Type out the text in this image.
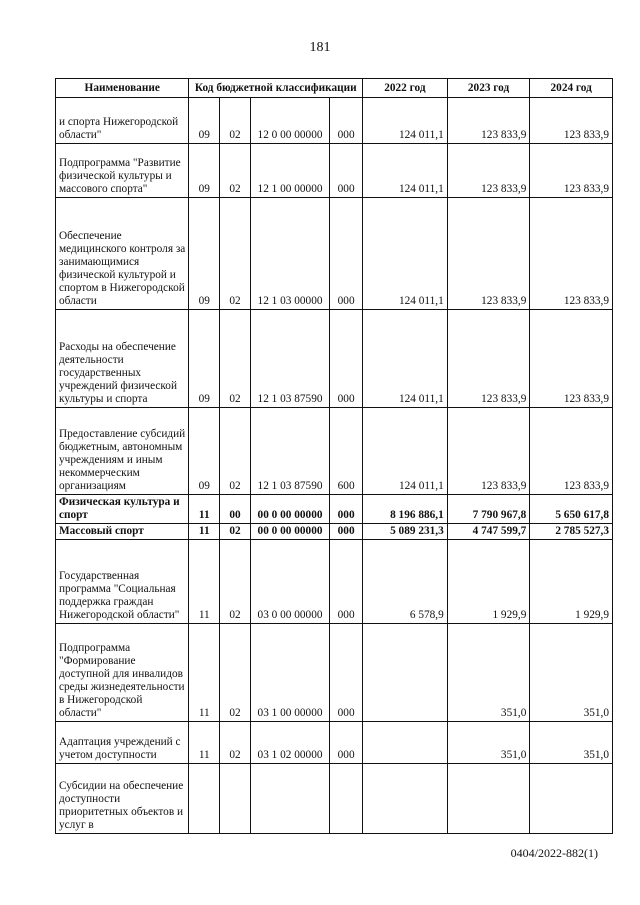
181
Наименование	Код бюджетной классификации				2022 год	2023 год	2024 год
и спорта Нижегородской области"	09	02	12 0 00 00000	000	124 011,1	123 833,9	123 833,9
Подпрограмма "Развитие физической культуры и массового спорта"	09	02	12 1 00 00000	000	124 011,1	123 833,9	123 833,9
Обеспечение медицинского контроля за занимающимися физической культурой и спортом в Нижегородской области	09	02	12 1 03 00000	000	124 011,1	123 833,9	123 833,9
Расходы на обеспечение деятельности государственных учреждений физической культуры и спорта	09	02	12 1 03 87590	000	124 011,1	123 833,9	123 833,9
Предоставление субсидий бюджетным, автономным учреждениям и иным некоммерческим организациям	09	02	12 1 03 87590	600	124 011,1	123 833,9	123 833,9
Физическая культура и спорт	11	00	00 0 00 00000	000	8 196 886,1	7 790 967,8	5 650 617,8
Массовый спорт	11	02	00 0 00 00000	000	5 089 231,3	4 747 599,7	2 785 527,3
Государственная программа "Социальная поддержка граждан Нижегородской области"	11	02	03 0 00 00000	000	6 578,9	1 929,9	1 929,9
Подпрограмма "Формирование доступной для инвалидов среды жизнедеятельности в Нижегородской области"	11	02	03 1 00 00000	000		351,0	351,0
Адаптация учреждений с учетом доступности	11	02	03 1 02 00000	000		351,0	351,0
Субсидии на обеспечение доступности приоритетных объектов и услуг в							
0404/2022-882(1)
